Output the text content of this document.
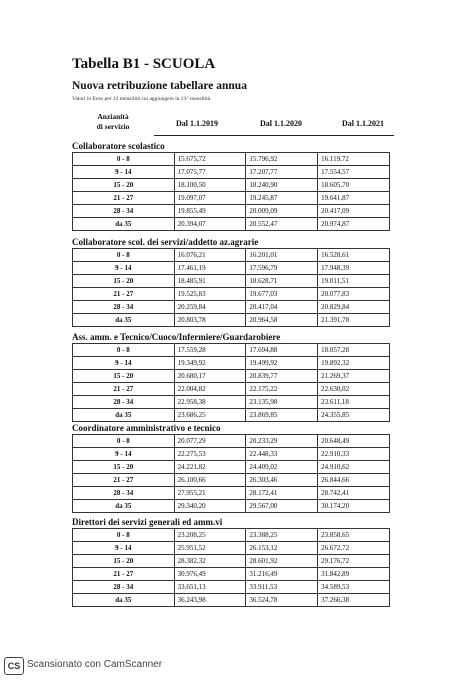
Tabella B1 - SCUOLA
Nuova retribuzione tabellare annua
Valori in Euro per 12 mensilità cui aggiungere la 13^ mensilità
Anzianità
di servizio	Dal 1.1.2019	Dal 1.1.2020	Dal 1.1.2021
Collaboratore scolastico
0 - 8	15.675,72	15.796,92	16.119,72
9 - 14	17.075,77	17.207,77	17.554,57
15 - 20	18.100,50	18.240,90	18.605,70
21 - 27	19.097,07	19.245,87	19.641,87
28 - 34	19.855,49	20.009,09	20.417,09
da 35	20.394,07	20.552,47	20.974,87
Collaboratore scol. dei servizi/addetto az.agrarie
0 - 8	16.076,21	16.201,01	16.528,61
9 - 14	17.461,19	17.596,79	17.948,39
15 - 20	18.485,91	18.628,71	19.011,51
21 - 27	19.525,83	19.677,03	20.077,83
28 - 34	20.259,84	20.417,04	20.829,84
da 35	20.803,78	20.964,58	21.391,78
Ass. amm. e Tecnico/Cuoco/Infermiere/Guardarobiere
0 - 8	17.559,28	17.694,88	18.057,28
9 - 14	19.349,92	19.499,92	19.892,32
15 - 20	20.680,17	20.839,77	21.269,37
21 - 27	22.004,82	22.175,22	22.630,02
28 - 34	22.958,38	23.135,98	23.611,18
da 35	23.686,25	23.869,85	24.355,85
Coordinatore amministrativo e tecnico
0 - 8	20.077,29	20.233,29	20.648,49
9 - 14	22.275,53	22.448,33	22.910,33
15 - 20	24.221,82	24.409,02	24.910,62
21 - 27	26.100,66	26.303,46	26.844,66
28 - 34	27.955,21	28.172,41	28.742,41
da 35	29.340,20	29.567,00	30.174,20
Direttori dei servizi generali ed amm.vi
0 - 8	23.208,25	23.388,25	23.858,65
9 - 14	25.951,52	26.153,12	26.672,72
15 - 20	28.382,32	28.601,92	29.176,72
21 - 27	30.976,49	31.216,49	31.842,89
28 - 34	33.651,13	33.911,53	34.589,53
da 35	36.243,98	36.524,78	37.266,38
CS Scansionato con CamScanner
